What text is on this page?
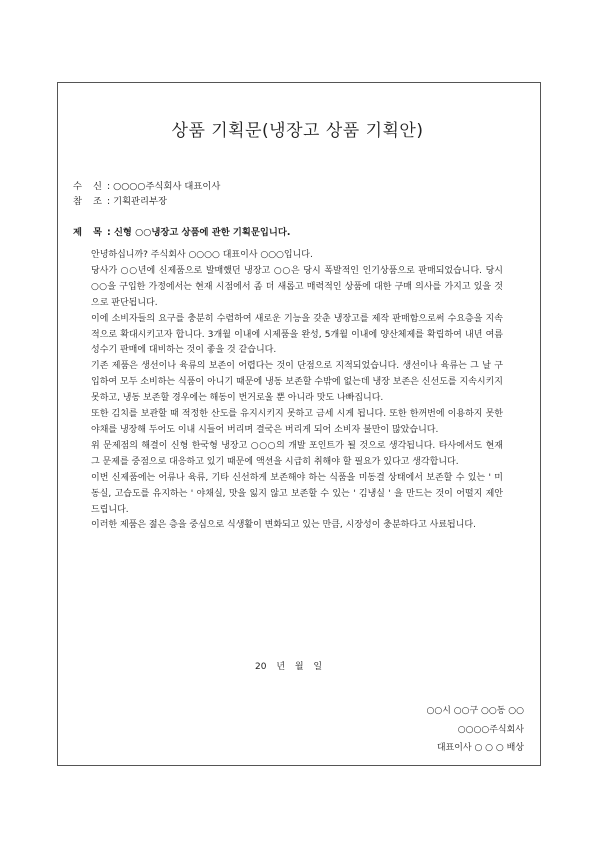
상품 기획문(냉장고 상품 기획안)
수 신 : ○○○○주식회사 대표이사
참 조 : 기획관리부장
제 목 : 신형 ○○냉장고 상품에 관한 기획문입니다.

안녕하십니까? 주식회사 ○○○○ 대표이사 ○○○입니다.

당사가 ○○년에 신제품으로 발매했던 냉장고 ○○은 당시 폭발적인 인기상품으로 판매되었습니다. 당시 ○○을 구입한 가정에서는 현재 시점에서 좀 더 새롭고 매력적인 상품에 대한 구매 의사를 가지고 있을 것으로 판단됩니다.

이에 소비자들의 요구를 충분히 수렴하여 새로운 기능을 갖춘 냉장고를 제작 판매함으로써 수요층을 지속적으로 확대시키고자 합니다. 3개월 이내에 시제품을 완성, 5개월 이내에 양산체제를 확립하여 내년 여름 성수기 판매에 대비하는 것이 좋을 것 같습니다.

기존 제품은 생선이나 육류의 보존이 어렵다는 것이 단점으로 지적되었습니다. 생선이나 육류는 그 날 구입하여 모두 소비하는 식품이 아니기 때문에 냉동 보존할 수밖에 없는데 냉장 보존은 신선도를 지속시키지 못하고, 냉동 보존할 경우에는 해동이 번거로울 뿐 아니라 맛도 나빠집니다.

또한 김치를 보관할 때 적정한 산도를 유지시키지 못하고 금세 시게 됩니다. 또한 한꺼번에 이용하지 못한 야채를 냉장해 두어도 이내 시들어 버리며 결국은 버리게 되어 소비자 불만이 많았습니다.

위 문제점의 해결이 신형 한국형 냉장고 ○○○의 개발 포인트가 될 것으로 생각됩니다. 타사에서도 현재 그 문제를 중점으로 대응하고 있기 때문에 액션을 시급히 취해야 할 필요가 있다고 생각합니다.

이번 신제품에는 어류나 육류, 기타 신선하게 보존해야 하는 식품을 미동결 상태에서 보존할 수 있는 ' 미동실, 고습도를 유지하는 ' 야채실, 맛을 잃지 않고 보존할 수 있는 ' 김냉실 ' 을 만드는 것이 어떨지 제안드립니다.

이러한 제품은 젊은 층을 중심으로 식생활이 변화되고 있는 만큼, 시장성이 충분하다고 사료됩니다.

20 년 월 일
○○시 ○○구 ○○동 ○○
○○○○주식회사
대표이사 ○ ○ ○ 배상
